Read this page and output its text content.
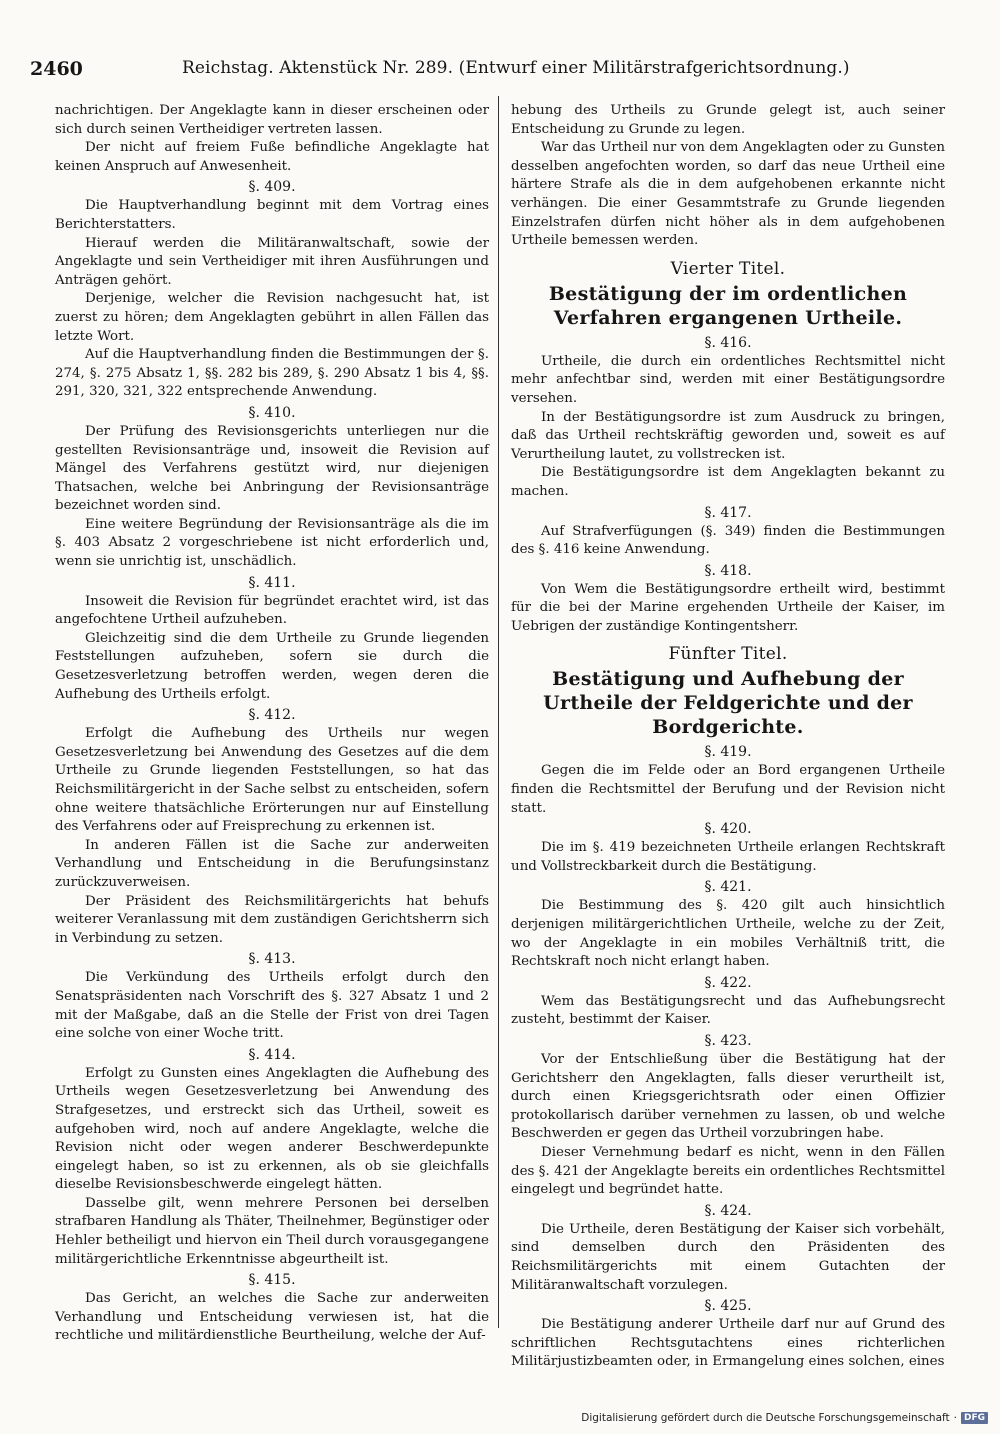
2460	Reichstag. Aktenstück Nr. 289. (Entwurf einer Militärstrafgerichtsordnung.)

nachrichtigen. Der Angeklagte kann in dieser erscheinen oder sich durch seinen Vertheidiger vertreten lassen.

Der nicht auf freiem Fuße befindliche Angeklagte hat keinen Anspruch auf Anwesenheit.

§. 409.

Die Hauptverhandlung beginnt mit dem Vortrag eines Berichterstatters.

Hierauf werden die Militäranwaltschaft, sowie der Angeklagte und sein Vertheidiger mit ihren Ausführungen und Anträgen gehört.

Derjenige, welcher die Revision nachgesucht hat, ist zuerst zu hören; dem Angeklagten gebührt in allen Fällen das letzte Wort.

Auf die Hauptverhandlung finden die Bestimmungen der §. 274, §. 275 Absatz 1, §§. 282 bis 289, §. 290 Absatz 1 bis 4, §§. 291, 320, 321, 322 entsprechende Anwendung.

§. 410.

Der Prüfung des Revisionsgerichts unterliegen nur die gestellten Revisionsanträge und, insoweit die Revision auf Mängel des Verfahrens gestützt wird, nur diejenigen Thatsachen, welche bei Anbringung der Revisionsanträge bezeichnet worden sind.

Eine weitere Begründung der Revisionsanträge als die im §. 403 Absatz 2 vorgeschriebene ist nicht erforderlich und, wenn sie unrichtig ist, unschädlich.

§. 411.

Insoweit die Revision für begründet erachtet wird, ist das angefochtene Urtheil aufzuheben.

Gleichzeitig sind die dem Urtheile zu Grunde liegenden Feststellungen aufzuheben, sofern sie durch die Gesetzesverletzung betroffen werden, wegen deren die Aufhebung des Urtheils erfolgt.

§. 412.

Erfolgt die Aufhebung des Urtheils nur wegen Gesetzesverletzung bei Anwendung des Gesetzes auf die dem Urtheile zu Grunde liegenden Feststellungen, so hat das Reichsmilitärgericht in der Sache selbst zu entscheiden, sofern ohne weitere thatsächliche Erörterungen nur auf Einstellung des Verfahrens oder auf Freisprechung zu erkennen ist.

In anderen Fällen ist die Sache zur anderweiten Verhandlung und Entscheidung in die Berufungsinstanz zurückzuverweisen.

Der Präsident des Reichsmilitärgerichts hat behufs weiterer Veranlassung mit dem zuständigen Gerichtsherrn sich in Verbindung zu setzen.

§. 413.

Die Verkündung des Urtheils erfolgt durch den Senatspräsidenten nach Vorschrift des §. 327 Absatz 1 und 2 mit der Maßgabe, daß an die Stelle der Frist von drei Tagen eine solche von einer Woche tritt.

§. 414.

Erfolgt zu Gunsten eines Angeklagten die Aufhebung des Urtheils wegen Gesetzesverletzung bei Anwendung des Strafgesetzes, und erstreckt sich das Urtheil, soweit es aufgehoben wird, noch auf andere Angeklagte, welche die Revision nicht oder wegen anderer Beschwerdepunkte eingelegt haben, so ist zu erkennen, als ob sie gleichfalls dieselbe Revisionsbeschwerde eingelegt hätten.

Dasselbe gilt, wenn mehrere Personen bei derselben strafbaren Handlung als Thäter, Theilnehmer, Begünstiger oder Hehler betheiligt und hiervon ein Theil durch vorausgegangene militärgerichtliche Erkenntnisse abgeurtheilt ist.

§. 415.

Das Gericht, an welches die Sache zur anderweiten Verhandlung und Entscheidung verwiesen ist, hat die rechtliche und militärdienstliche Beurtheilung, welche der Auf-

hebung des Urtheils zu Grunde gelegt ist, auch seiner Entscheidung zu Grunde zu legen.

War das Urtheil nur von dem Angeklagten oder zu Gunsten desselben angefochten worden, so darf das neue Urtheil eine härtere Strafe als die in dem aufgehobenen erkannte nicht verhängen. Die einer Gesammtstrafe zu Grunde liegenden Einzelstrafen dürfen nicht höher als in dem aufgehobenen Urtheile bemessen werden.

Vierter Titel.
Bestätigung der im ordentlichen Verfahren ergangenen Urtheile.
§. 416.

Urtheile, die durch ein ordentliches Rechtsmittel nicht mehr anfechtbar sind, werden mit einer Bestätigungsordre versehen.

In der Bestätigungsordre ist zum Ausdruck zu bringen, daß das Urtheil rechtskräftig geworden und, soweit es auf Verurtheilung lautet, zu vollstrecken ist.

Die Bestätigungsordre ist dem Angeklagten bekannt zu machen.

§. 417.

Auf Strafverfügungen (§. 349) finden die Bestimmungen des §. 416 keine Anwendung.

§. 418.

Von Wem die Bestätigungsordre ertheilt wird, bestimmt für die bei der Marine ergehenden Urtheile der Kaiser, im Uebrigen der zuständige Kontingentsherr.

Fünfter Titel.
Bestätigung und Aufhebung der Urtheile der Feldgerichte und der Bordgerichte.
§. 419.

Gegen die im Felde oder an Bord ergangenen Urtheile finden die Rechtsmittel der Berufung und der Revision nicht statt.

§. 420.

Die im §. 419 bezeichneten Urtheile erlangen Rechtskraft und Vollstreckbarkeit durch die Bestätigung.

§. 421.

Die Bestimmung des §. 420 gilt auch hinsichtlich derjenigen militärgerichtlichen Urtheile, welche zu der Zeit, wo der Angeklagte in ein mobiles Verhältniß tritt, die Rechtskraft noch nicht erlangt haben.

§. 422.

Wem das Bestätigungsrecht und das Aufhebungsrecht zusteht, bestimmt der Kaiser.

§. 423.

Vor der Entschließung über die Bestätigung hat der Gerichtsherr den Angeklagten, falls dieser verurtheilt ist, durch einen Kriegsgerichtsrath oder einen Offizier protokollarisch darüber vernehmen zu lassen, ob und welche Beschwerden er gegen das Urtheil vorzubringen habe.

Dieser Vernehmung bedarf es nicht, wenn in den Fällen des §. 421 der Angeklagte bereits ein ordentliches Rechtsmittel eingelegt und begründet hatte.

§. 424.

Die Urtheile, deren Bestätigung der Kaiser sich vorbehält, sind demselben durch den Präsidenten des Reichsmilitärgerichts mit einem Gutachten der Militäranwaltschaft vorzulegen.

§. 425.

Die Bestätigung anderer Urtheile darf nur auf Grund des schriftlichen Rechtsgutachtens eines richterlichen Militärjustizbeamten oder, in Ermangelung eines solchen, eines

Digitalisierung gefördert durch die Deutsche Forschungsgemeinschaft · DFG
